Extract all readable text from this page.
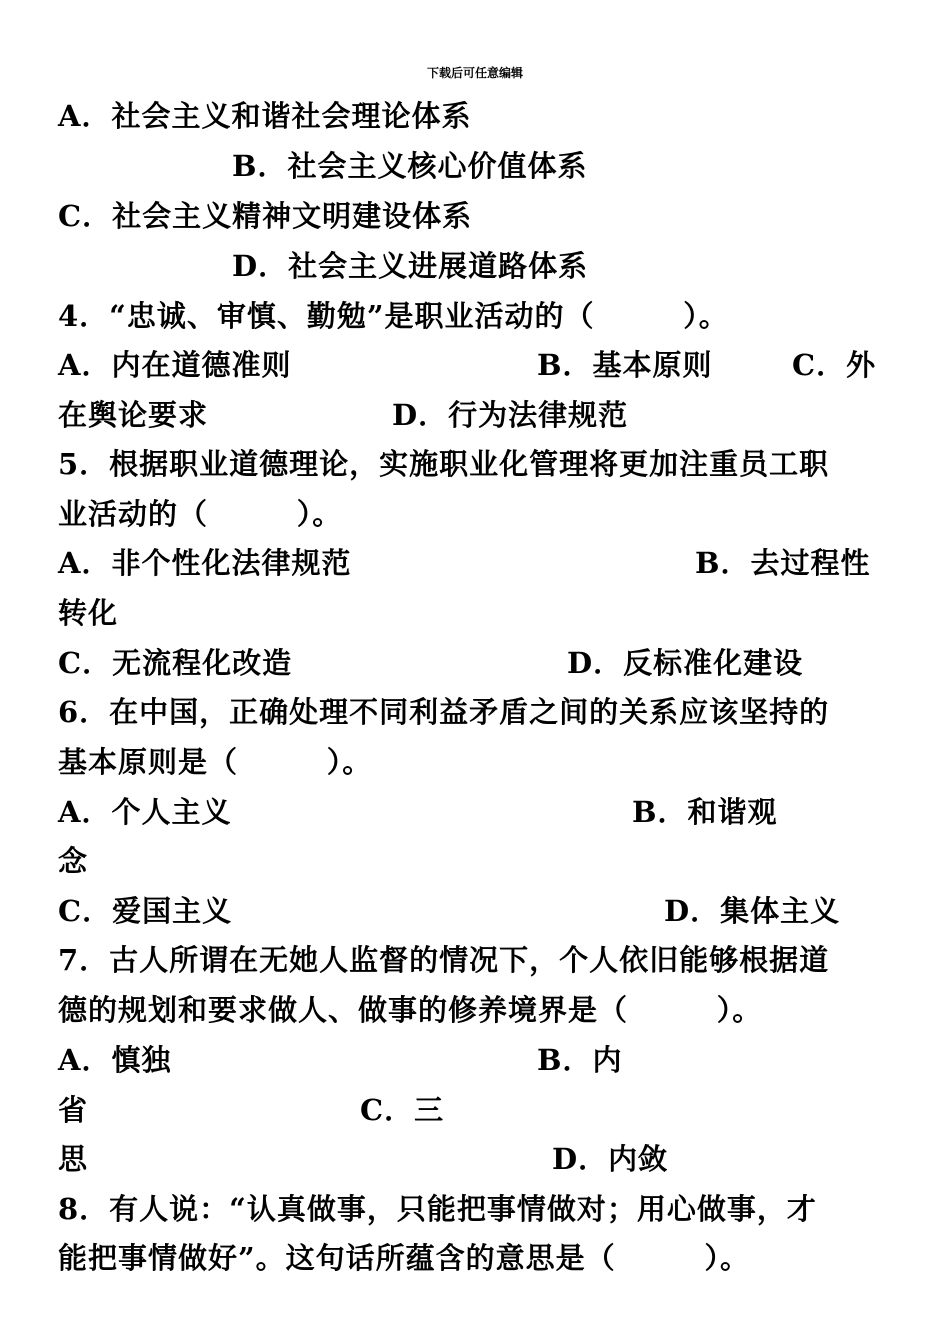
下载后可任意编辑
A．社会主义和谐社会理论体系
B．社会主义核心价值体系
C．社会主义精神文明建设体系
D．社会主义进展道路体系
4．“忠诚、审慎、勤勉”是职业活动的（        ）。
A．内在道德准则	B．基本原则	C．外
在舆论要求	D．行为法律规范
5．根据职业道德理论，实施职业化管理将更加注重员工职
业活动的（        ）。
A．非个性化法律规范	B．去过程性
转化
C．无流程化改造	D．反标准化建设
6．在中国，正确处理不同利益矛盾之间的关系应该坚持的
基本原则是（        ）。
A．个人主义	B．和谐观
念
C．爱国主义	D．集体主义
7．古人所谓在无她人监督的情况下，个人依旧能够根据道
德的规划和要求做人、做事的修养境界是（        ）。
A．慎独	B．内
省	C．三
思	D．内敛
8．有人说：“认真做事，只能把事情做对；用心做事，才
能把事情做好”。这句话所蕴含的意思是（        ）。
